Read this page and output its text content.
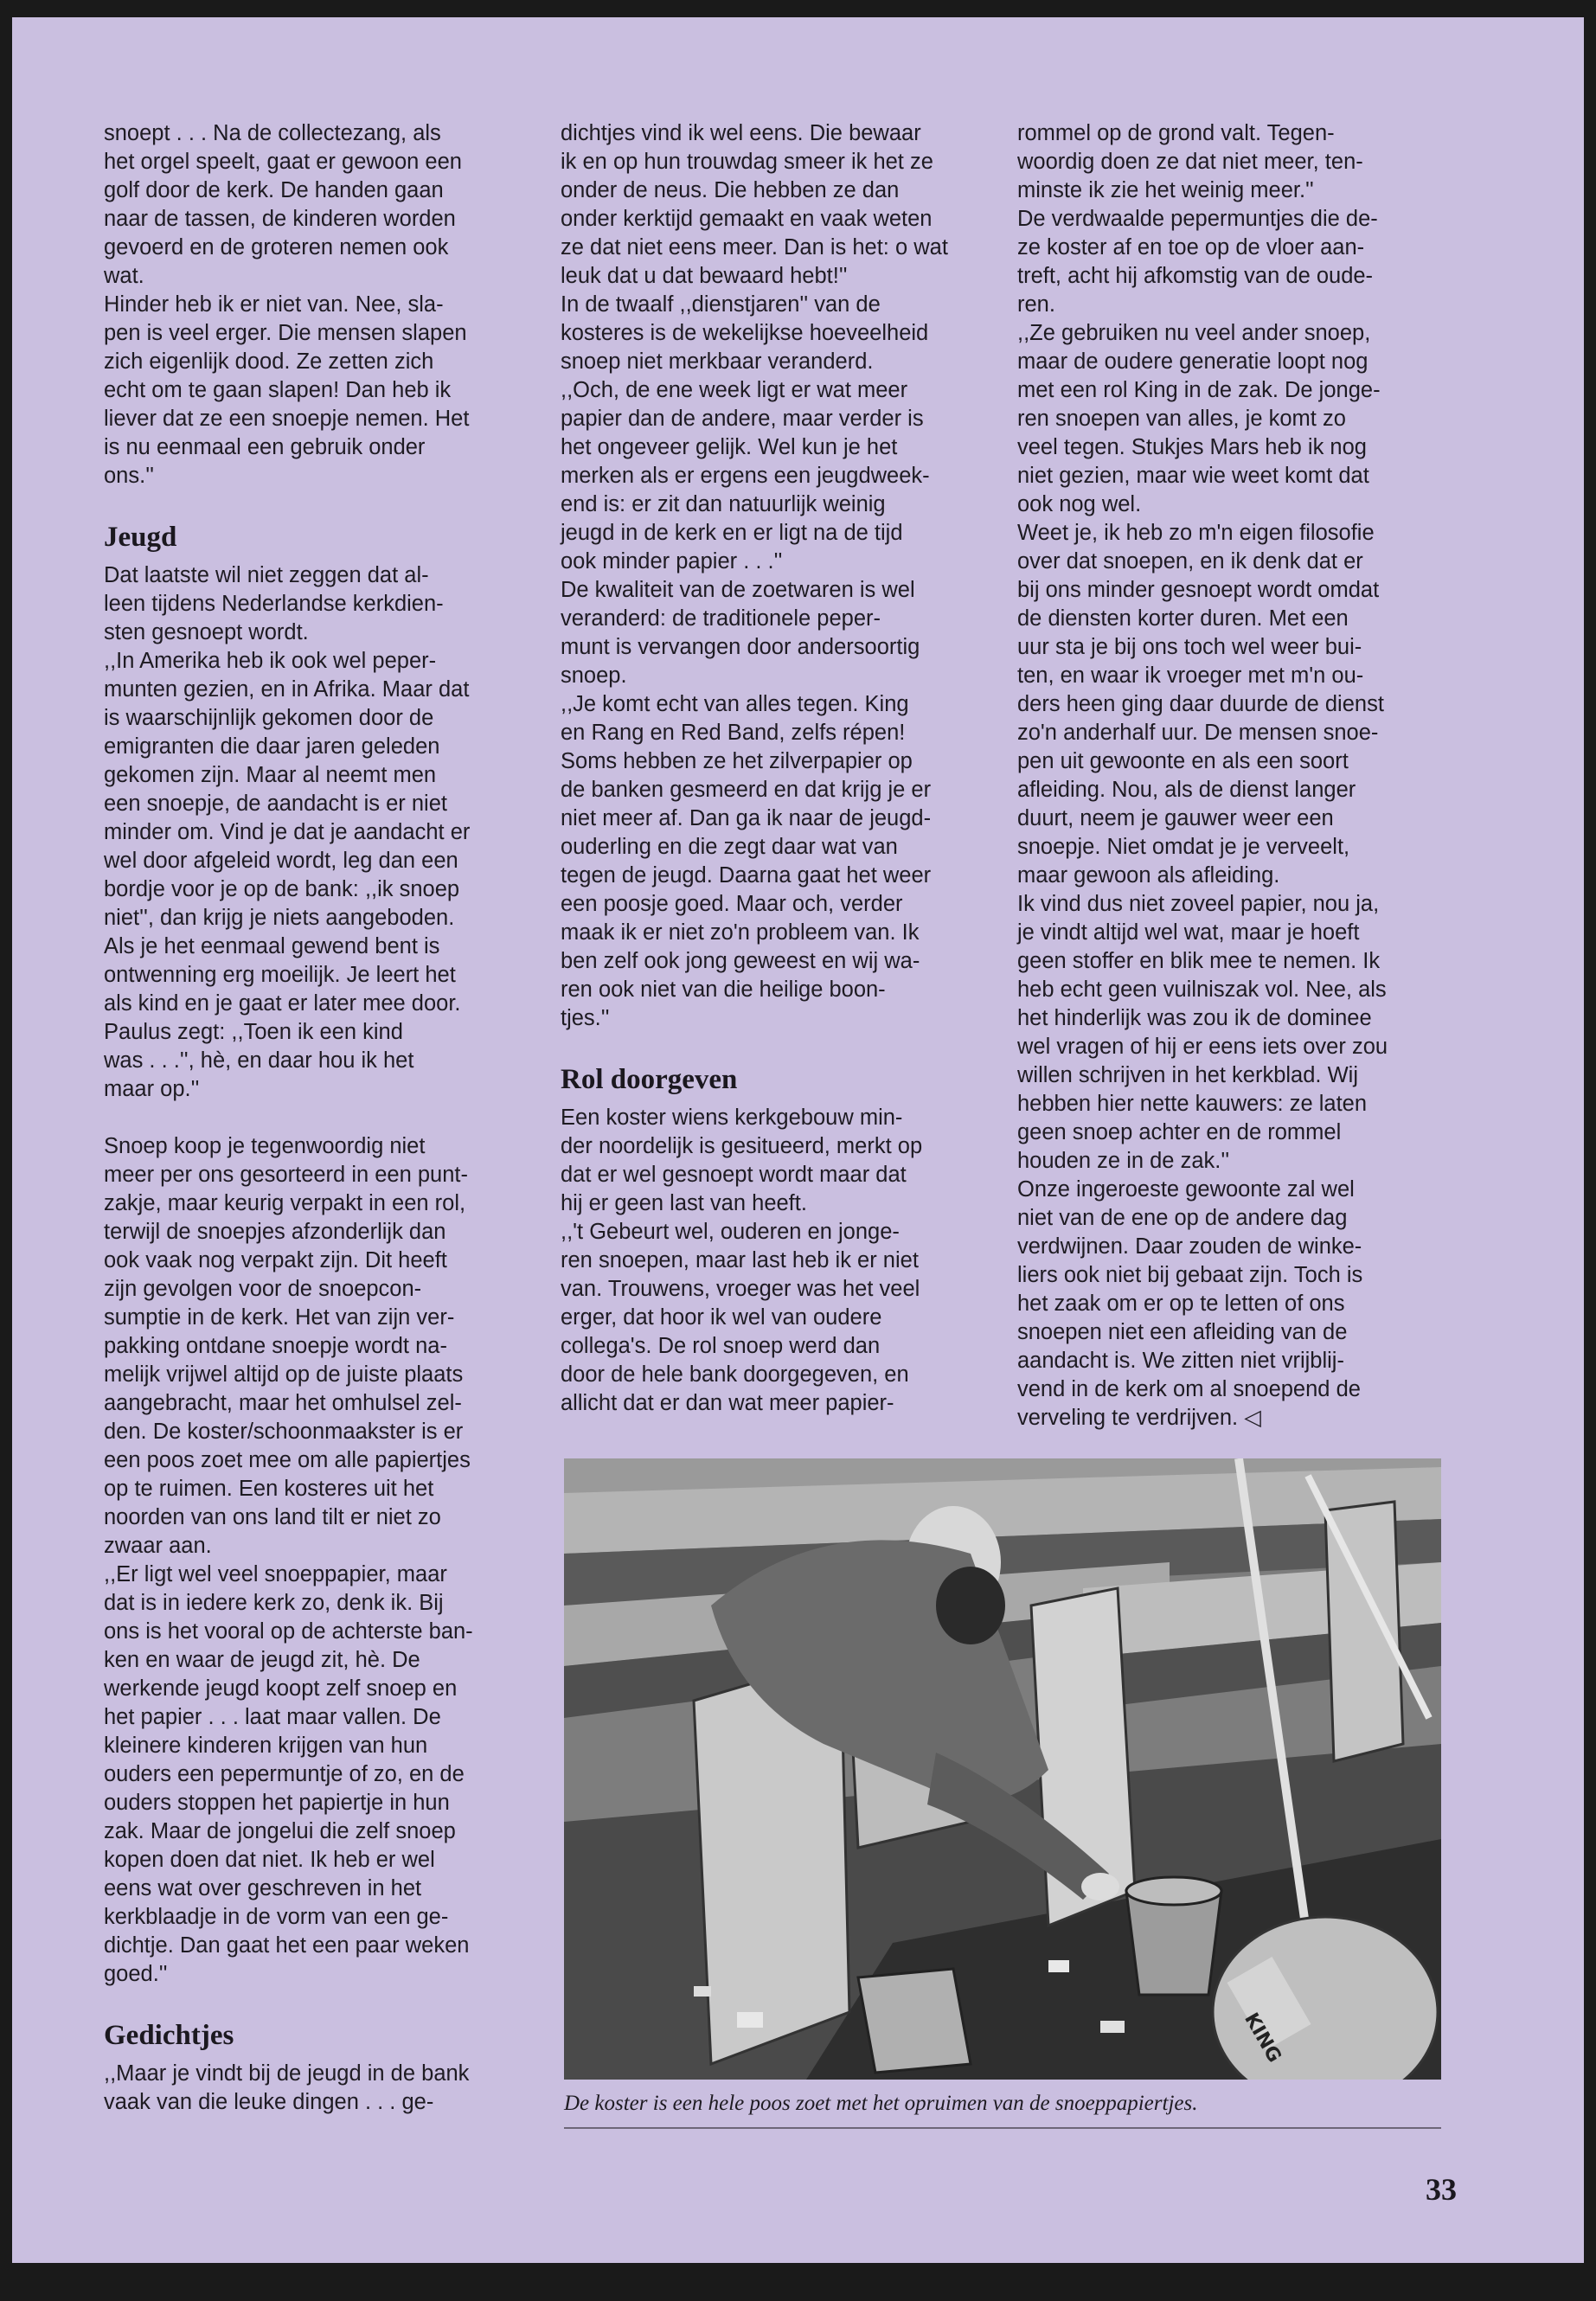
snoept . . . Na de collectezang, als
het orgel speelt, gaat er gewoon een
golf door de kerk. De handen gaan
naar de tassen, de kinderen worden
gevoerd en de groteren nemen ook
wat.

Hinder heb ik er niet van. Nee, sla-
pen is veel erger. Die mensen slapen
zich eigenlijk dood. Ze zetten zich
echt om te gaan slapen! Dan heb ik
liever dat ze een snoepje nemen. Het
is nu eenmaal een gebruik onder
ons.''

Jeugd

Dat laatste wil niet zeggen dat al-
leen tijdens Nederlandse kerkdien-
sten gesnoept wordt.

,,In Amerika heb ik ook wel peper-
munten gezien, en in Afrika. Maar dat
is waarschijnlijk gekomen door de
emigranten die daar jaren geleden
gekomen zijn. Maar al neemt men
een snoepje, de aandacht is er niet
minder om. Vind je dat je aandacht er
wel door afgeleid wordt, leg dan een
bordje voor je op de bank: ,,ik snoep
niet'', dan krijg je niets aangeboden.
Als je het eenmaal gewend bent is
ontwenning erg moeilijk. Je leert het
als kind en je gaat er later mee door.
Paulus zegt: ,,Toen ik een kind
was . . .'', hè, en daar hou ik het
maar op.''

Snoep koop je tegenwoordig niet
meer per ons gesorteerd in een punt-
zakje, maar keurig verpakt in een rol,
terwijl de snoepjes afzonderlijk dan
ook vaak nog verpakt zijn. Dit heeft
zijn gevolgen voor de snoepcon-
sumptie in de kerk. Het van zijn ver-
pakking ontdane snoepje wordt na-
melijk vrijwel altijd op de juiste plaats
aangebracht, maar het omhulsel zel-
den. De koster/schoonmaakster is er
een poos zoet mee om alle papiertjes
op te ruimen. Een kosteres uit het
noorden van ons land tilt er niet zo
zwaar aan.

,,Er ligt wel veel snoeppapier, maar
dat is in iedere kerk zo, denk ik. Bij
ons is het vooral op de achterste ban-
ken en waar de jeugd zit, hè. De
werkende jeugd koopt zelf snoep en
het papier . . . laat maar vallen. De
kleinere kinderen krijgen van hun
ouders een pepermuntje of zo, en de
ouders stoppen het papiertje in hun
zak. Maar de jongelui die zelf snoep
kopen doen dat niet. Ik heb er wel
eens wat over geschreven in het
kerkblaadje in de vorm van een ge-
dichtje. Dan gaat het een paar weken
goed.''

Gedichtjes

,,Maar je vindt bij de jeugd in de bank
vaak van die leuke dingen . . . ge-

dichtjes vind ik wel eens. Die bewaar
ik en op hun trouwdag smeer ik het ze
onder de neus. Die hebben ze dan
onder kerktijd gemaakt en vaak weten
ze dat niet eens meer. Dan is het: o wat
leuk dat u dat bewaard hebt!''

In de twaalf ,,dienstjaren'' van de
kosteres is de wekelijkse hoeveelheid
snoep niet merkbaar veranderd.

,,Och, de ene week ligt er wat meer
papier dan de andere, maar verder is
het ongeveer gelijk. Wel kun je het
merken als er ergens een jeugdweek-
end is: er zit dan natuurlijk weinig
jeugd in de kerk en er ligt na de tijd
ook minder papier . . .''

De kwaliteit van de zoetwaren is wel
veranderd: de traditionele peper-
munt is vervangen door andersoortig
snoep.

,,Je komt echt van alles tegen. King
en Rang en Red Band, zelfs répen!
Soms hebben ze het zilverpapier op
de banken gesmeerd en dat krijg je er
niet meer af. Dan ga ik naar de jeugd-
ouderling en die zegt daar wat van
tegen de jeugd. Daarna gaat het weer
een poosje goed. Maar och, verder
maak ik er niet zo'n probleem van. Ik
ben zelf ook jong geweest en wij wa-
ren ook niet van die heilige boon-
tjes.''

Rol doorgeven

Een koster wiens kerkgebouw min-
der noordelijk is gesitueerd, merkt op
dat er wel gesnoept wordt maar dat
hij er geen last van heeft.

,,'t Gebeurt wel, ouderen en jonge-
ren snoepen, maar last heb ik er niet
van. Trouwens, vroeger was het veel
erger, dat hoor ik wel van oudere
collega's. De rol snoep werd dan
door de hele bank doorgegeven, en
allicht dat er dan wat meer papier-

rommel op de grond valt. Tegen-
woordig doen ze dat niet meer, ten-
minste ik zie het weinig meer.''

De verdwaalde pepermuntjes die de-
ze koster af en toe op de vloer aan-
treft, acht hij afkomstig van de oude-
ren.

,,Ze gebruiken nu veel ander snoep,
maar de oudere generatie loopt nog
met een rol King in de zak. De jonge-
ren snoepen van alles, je komt zo
veel tegen. Stukjes Mars heb ik nog
niet gezien, maar wie weet komt dat
ook nog wel.

Weet je, ik heb zo m'n eigen filosofie
over dat snoepen, en ik denk dat er
bij ons minder gesnoept wordt omdat
de diensten korter duren. Met een
uur sta je bij ons toch wel weer bui-
ten, en waar ik vroeger met m'n ou-
ders heen ging daar duurde de dienst
zo'n anderhalf uur. De mensen snoe-
pen uit gewoonte en als een soort
afleiding. Nou, als de dienst langer
duurt, neem je gauwer weer een
snoepje. Niet omdat je je verveelt,
maar gewoon als afleiding.

Ik vind dus niet zoveel papier, nou ja,
je vindt altijd wel wat, maar je hoeft
geen stoffer en blik mee te nemen. Ik
heb echt geen vuilniszak vol. Nee, als
het hinderlijk was zou ik de dominee
wel vragen of hij er eens iets over zou
willen schrijven in het kerkblad. Wij
hebben hier nette kauwers: ze laten
geen snoep achter en de rommel
houden ze in de zak.''

Onze ingeroeste gewoonte zal wel
niet van de ene op de andere dag
verdwijnen. Daar zouden de winke-
liers ook niet bij gebaat zijn. Toch is
het zaak om er op te letten of ons
snoepen niet een afleiding van de
aandacht is. We zitten niet vrijblij-
vend in de kerk om al snoepend de
verveling te verdrijven. ◁

KING
De koster is een hele poos zoet met het opruimen van de snoeppapiertjes.
33
